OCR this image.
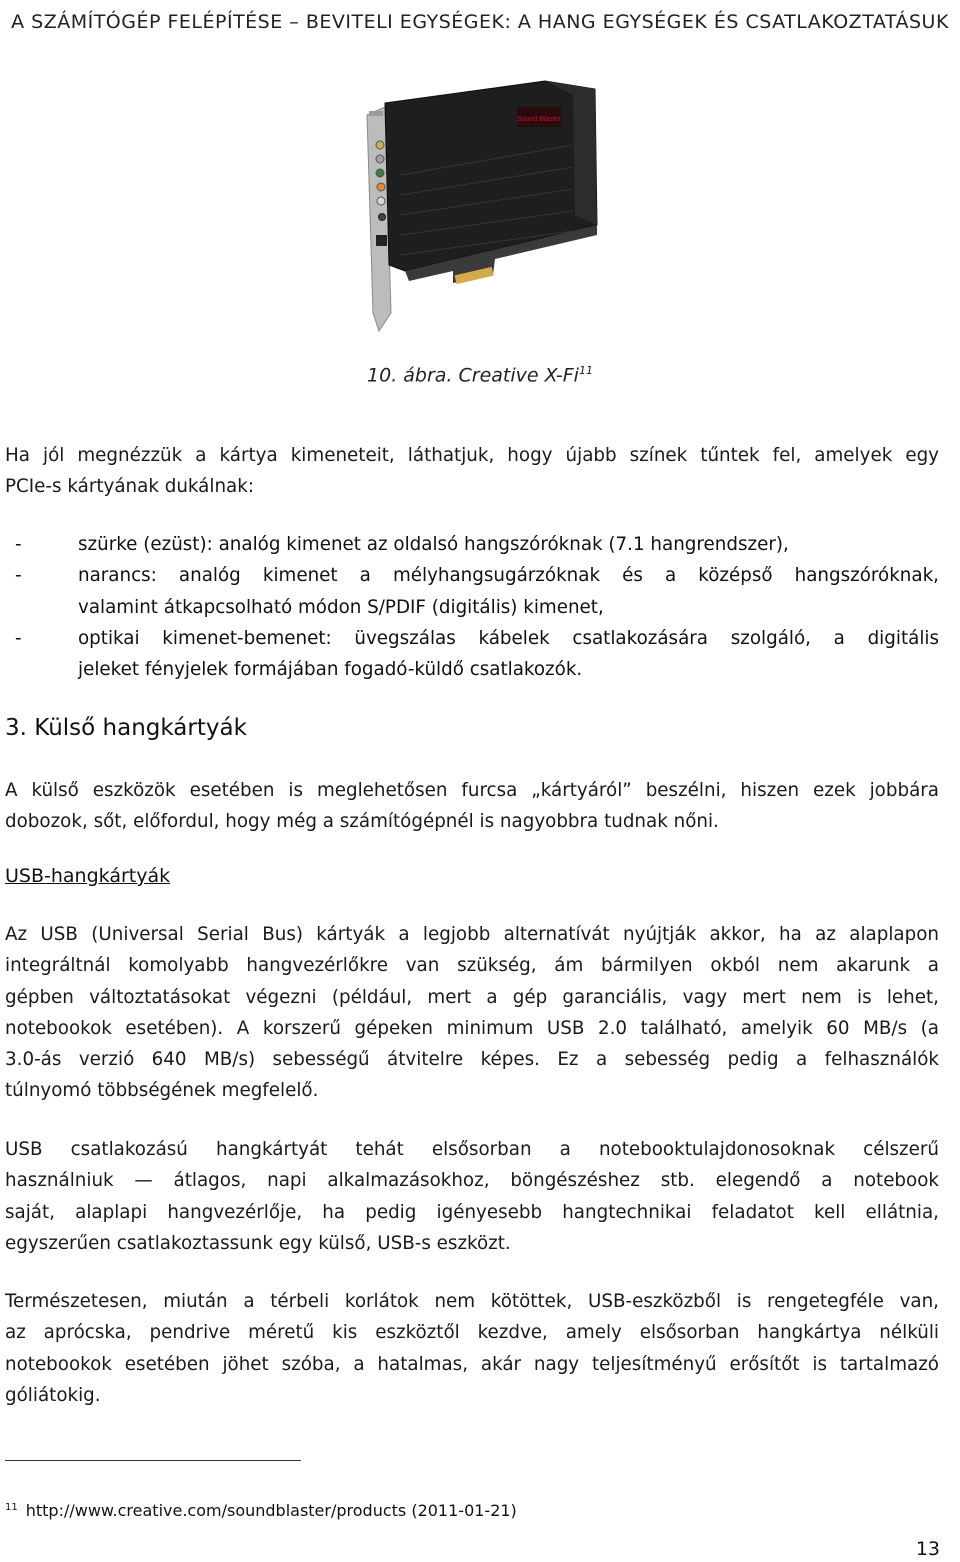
A SZÁMÍTÓGÉP FELÉPÍTÉSE – BEVITELI EGYSÉGEK: A HANG EGYSÉGEK ÉS CSATLAKOZTATÁSUK
Sound Blaster
10. ábra. Creative X-Fi$^{11}$
Ha jól megnézzük a kártya kimeneteit, láthatjuk, hogy újabb színek tűntek fel, amelyek egy
PCIe-s kártyának dukálnak:
-	szürke (ezüst): analóg kimenet az oldalsó hangszóróknak (7.1 hangrendszer),
-	narancs: analóg kimenet a mélyhangsugárzóknak és a középső hangszóróknak,
valamint átkapcsolható módon S/PDIF (digitális) kimenet,
-	optikai kimenet-bemenet: üvegszálas kábelek csatlakozására szolgáló, a digitális
jeleket fényjelek formájában fogadó-küldő csatlakozók.
3. Külső hangkártyák
A külső eszközök esetében is meglehetősen furcsa „kártyáról” beszélni, hiszen ezek jobbára
dobozok, sőt, előfordul, hogy még a számítógépnél is nagyobbra tudnak nőni.
USB-hangkártyák
Az USB (Universal Serial Bus) kártyák a legjobb alternatívát nyújtják akkor, ha az alaplapon
integráltnál komolyabb hangvezérlőkre van szükség, ám bármilyen okból nem akarunk a
gépben változtatásokat végezni (például, mert a gép garanciális, vagy mert nem is lehet,
notebookok esetében). A korszerű gépeken minimum USB 2.0 található, amelyik 60 MB/s (a
3.0-ás verzió 640 MB/s) sebességű átvitelre képes. Ez a sebesség pedig a felhasználók
túlnyomó többségének megfelelő.
USB csatlakozású hangkártyát tehát elsősorban a notebooktulajdonosoknak célszerű
használniuk — átlagos, napi alkalmazásokhoz, böngészéshez stb. elegendő a notebook
saját, alaplapi hangvezérlője, ha pedig igényesebb hangtechnikai feladatot kell ellátnia,
egyszerűen csatlakoztassunk egy külső, USB-s eszközt.
Természetesen, miután a térbeli korlátok nem kötöttek, USB-eszközből is rengetegféle van,
az aprócska, pendrive méretű kis eszköztől kezdve, amely elsősorban hangkártya nélküli
notebookok esetében jöhet szóba, a hatalmas, akár nagy teljesítményű erősítőt is tartalmazó
góliátokig.
$^{11}$ http://www.creative.com/soundblaster/products (2011-01-21)
13
